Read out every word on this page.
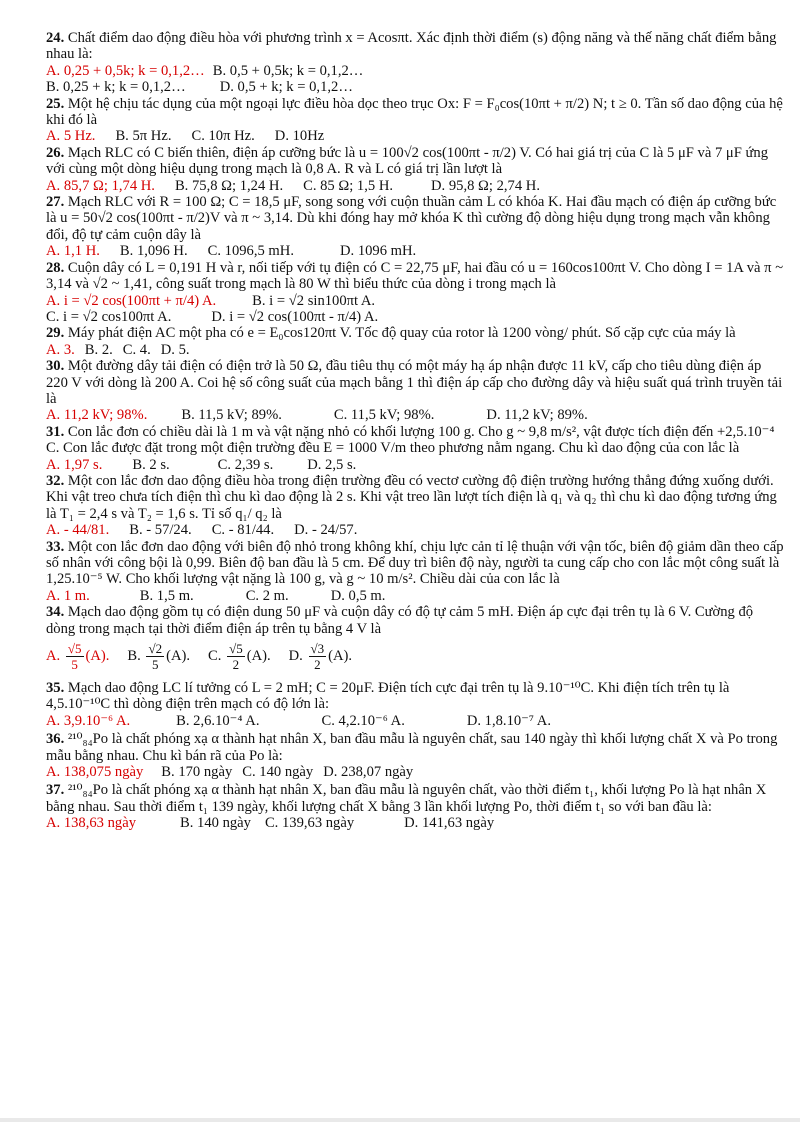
24. Chất điểm dao động điều hòa với phương trình x = Acosπt. Xác định thời điểm (s) động năng và thế năng chất điểm bằng nhau là:
A. 0,25 + 0,5k; k = 0,1,2… B. 0,5 + 0,5k; k = 0,1,2…
B. 0,25 + k; k = 0,1,2… D. 0,5 + k; k = 0,1,2…
25. Một hệ chịu tác dụng của một ngoại lực điều hòa dọc theo trục Ox: F = F₀cos(10πt + π/2) N; t ≥ 0. Tần số dao động của hệ khi đó là
A. 5 Hz. B. 5π Hz. C. 10π Hz. D. 10Hz
26. Mạch RLC có C biến thiên, điện áp cưỡng bức là u = 100√2 cos(100πt - π/2) V. Có hai giá trị của C là 5 μF và 7 μF ứng với cùng một dòng hiệu dụng trong mạch là 0,8 A. R và L có giá trị lần lượt là
A. 85,7 Ω; 1,74 H. B. 75,8 Ω; 1,24 H. C. 85 Ω; 1,5 H.	D. 95,8 Ω; 2,74 H.
27. Mạch RLC với R = 100 Ω; C = 18,5 μF, song song với cuộn thuần cảm L có khóa K. Hai đầu mạch có điện áp cưỡng bức là u = 50√2 cos(100πt - π/2)V và π ~ 3,14. Dù khi đóng hay mở khóa K thì cường độ dòng hiệu dụng trong mạch vẫn không đổi, độ tự cảm cuộn dây là
A. 1,1 H. B. 1,096 H. C. 1096,5 mH.	D. 1096 mH.
28. Cuộn dây có L = 0,191 H và r, nối tiếp với tụ điện có C = 22,75 μF, hai đầu có u = 160cos100πt V. Cho dòng I = 1A và π ~ 3,14 và √2 ~ 1,41, công suất trong mạch là 80 W thì biểu thức của dòng i trong mạch là
A. i = √2 cos(100πt + π/4) A. B. i = √2 sin100πt A.
C. i = √2 cos100πt A.	D. i = √2 cos(100πt - π/4) A.
29. Máy phát điện AC một pha có e = E₀cos120πt V. Tốc độ quay của rotor là 1200 vòng/ phút. Số cặp cực của máy là
A. 3. B. 2. C. 4. D. 5.
30. Một đường dây tải điện có điện trở là 50 Ω, đầu tiêu thụ có một máy hạ áp nhận được 11 kV, cấp cho tiêu dùng điện áp 220 V với dòng là 200 A. Coi hệ số công suất của mạch bằng 1 thì điện áp cấp cho đường dây và hiệu suất quá trình truyền tải là
A. 11,2 kV; 98%. B. 11,5 kV; 89%.	C. 11,5 kV; 98%.	D. 11,2 kV; 89%.
31. Con lắc đơn có chiều dài là 1 m và vật nặng nhỏ có khối lượng 100 g. Cho g ~ 9,8 m/s², vật được tích điện đến +2,5.10⁻⁴ C. Con lắc được đặt trong một điện trường đều E = 1000 V/m theo phương nằm ngang. Chu kì dao động của con lắc là
A. 1,97 s. B. 2 s.	C. 2,39 s. D. 2,5 s.
32. Một con lắc đơn dao động điều hòa trong điện trường đều có vectơ cường độ điện trường hướng thẳng đứng xuống dưới. Khi vật treo chưa tích điện thì chu kì dao động là 2 s. Khi vật treo lần lượt tích điện là q₁ và q₂ thì chu kì dao động tương ứng là T₁ = 2,4 s và T₂ = 1,6 s. Tỉ số q₁/ q₂ là
A. - 44/81. B. - 57/24. C. - 81/44. D. - 24/57.
33. Một con lắc đơn dao động với biên độ nhỏ trong không khí, chịu lực cản tỉ lệ thuận với vận tốc, biên độ giảm dần theo cấp số nhân với công bội là 0,99. Biên độ ban đầu là 5 cm. Để duy trì biên độ này, người ta cung cấp cho con lắc một công suất là 1,25.10⁻⁵ W. Cho khối lượng vật nặng là 100 g, và g ~ 10 m/s². Chiều dài của con lắc là
A. 1 m.	B. 1,5 m.	C. 2 m.	D. 0,5 m.
34. Mạch dao động gồm tụ có điện dung 50 μF và cuộn dây có độ tự cảm 5 mH. Điện áp cực đại trên tụ là 6 V. Cường độ dòng trong mạch tại thời điểm điện áp trên tụ bằng 4 V là
A. $\frac{√5}{5} (A)$. B. $\frac{√2}{5} (A)$. C. $\frac{√5}{2} (A)$. D. $\frac{√3}{2} (A)$.
35. Mạch dao động LC lí tưởng có L = 2 mH; C = 20μF. Điện tích cực đại trên tụ là 9.10⁻¹⁰C. Khi điện tích trên tụ là 4,5.10⁻¹⁰C thì dòng điện trên mạch có độ lớn là:
A. 3,9.10⁻⁶ A.	B. 2,6.10⁻⁴ A.	C. 4,2.10⁻⁶ A.	D. 1,8.10⁻⁷ A.
36. ²¹⁰₈₄Po là chất phóng xạ α thành hạt nhân X, ban đầu mẫu là nguyên chất, sau 140 ngày thì khối lượng chất X và Po trong mẫu bằng nhau. Chu kì bán rã của Po là:
A. 138,075 ngày B. 170 ngày C. 140 ngày D. 238,07 ngày
37. ²¹⁰₈₄Po là chất phóng xạ α thành hạt nhân X, ban đầu mẫu là nguyên chất, vào thời điểm t₁, khối lượng Po là hạt nhân X bằng nhau. Sau thời điểm t₁ 139 ngày, khối lượng chất X bằng 3 lần khối lượng Po, thời điểm t₁ so với ban đầu là:
A. 138,63 ngày	B. 140 ngày C. 139,63 ngày	D. 141,63 ngày
